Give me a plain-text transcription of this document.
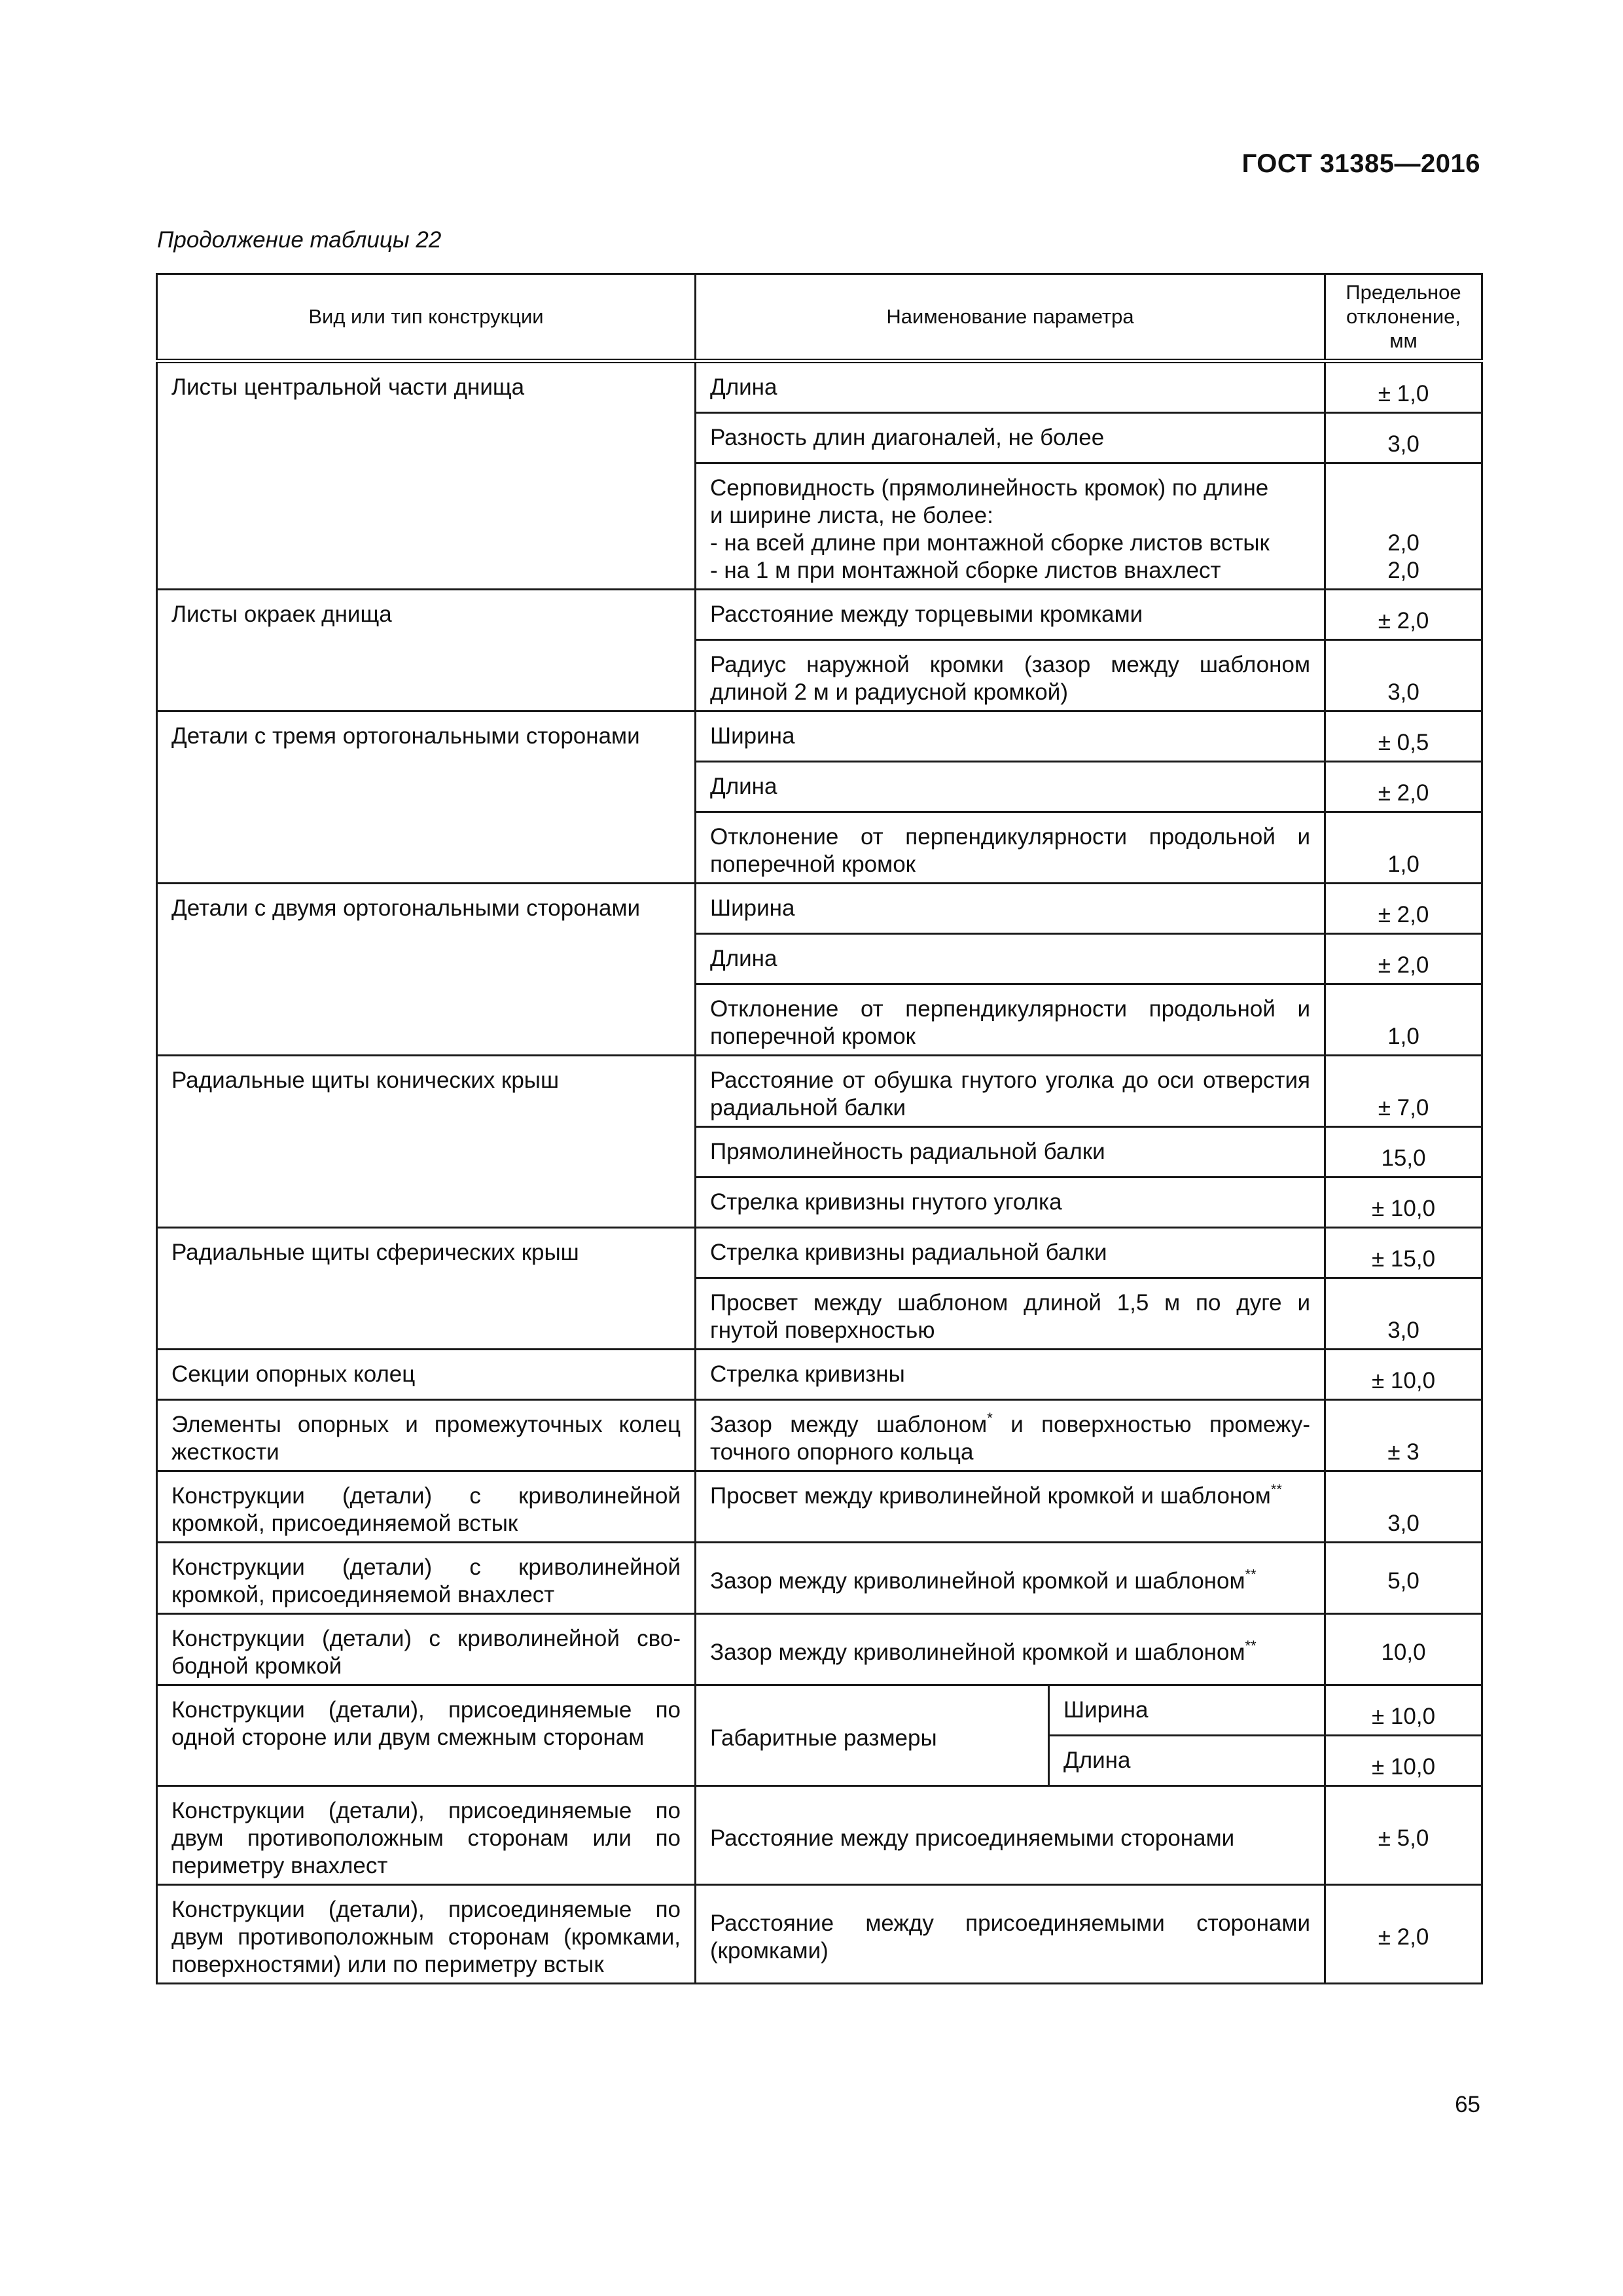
ГОСТ 31385—2016
Продолжение таблицы 22
Вид или тип конструкции	Наименование параметра		Предельное
отклонение,
мм

Листы центральной части днища	Длина		± 1,0
	Разность длин диагоналей, не более		3,0

	Серповидность (прямолинейность кромок) по длине
и ширине листа, не более:
- на всей длине при монтажной сборке листов встык
- на 1 м при монтажной сборке листов внахлест		2,0
2,0

Листы окраек днища	Расстояние между торцевыми кромками		± 2,0
	Радиус наружной кромки (зазор между шаблоном длиной 2 м и радиусной кромкой)		3,0
Детали с тремя ортогональными сторонами	Ширина		± 0,5
	Длина		± 2,0
	Отклонение от перпендикулярности продольной и поперечной кромок		1,0
Детали с двумя ортогональными сторонами	Ширина		± 2,0
	Длина		± 2,0
	Отклонение от перпендикулярности продольной и поперечной кромок		1,0
Радиальные щиты конических крыш	Расстояние от обушка гнутого уголка до оси отверстия радиальной балки		± 7,0
	Прямолинейность радиальной балки		15,0
	Стрелка кривизны гнутого уголка		± 10,0
Радиальные щиты сферических крыш	Стрелка кривизны радиальной балки		± 15,0
	Просвет между шаблоном длиной 1,5 м по дуге и гнутой поверхностью		3,0
Секции опорных колец	Стрелка кривизны		± 10,0
Элементы опорных и промежуточных колец жесткости	Зазор между шаблоном* и поверхностью промежуточного опорного кольца		± 3
Конструкции (детали) с криволинейной кромкой, присоединяемой встык	Просвет между криволинейной кромкой и шаблоном**		3,0
Конструкции (детали) с криволинейной кромкой, присоединяемой внахлест	Зазор между криволинейной кромкой и шаблоном**		5,0
Конструкции (детали) с криволинейной свободной кромкой	Зазор между криволинейной кромкой и шаблоном**		10,0
Конструкции (детали), присоединяемые по одной стороне или двум смежным сторонам	Габаритные размеры	Ширина	± 10,0
		Длина	± 10,0
Конструкции (детали), присоединяемые по двум противоположным сторонам или по периметру внахлест	Расстояние между присоединяемыми сторонами		± 5,0
Конструкции (детали), присоединяемые по двум противоположным сторонам (кромками, поверхностями) или по периметру встык	Расстояние между присоединяемыми сторонами (кромками)		± 2,0
65
